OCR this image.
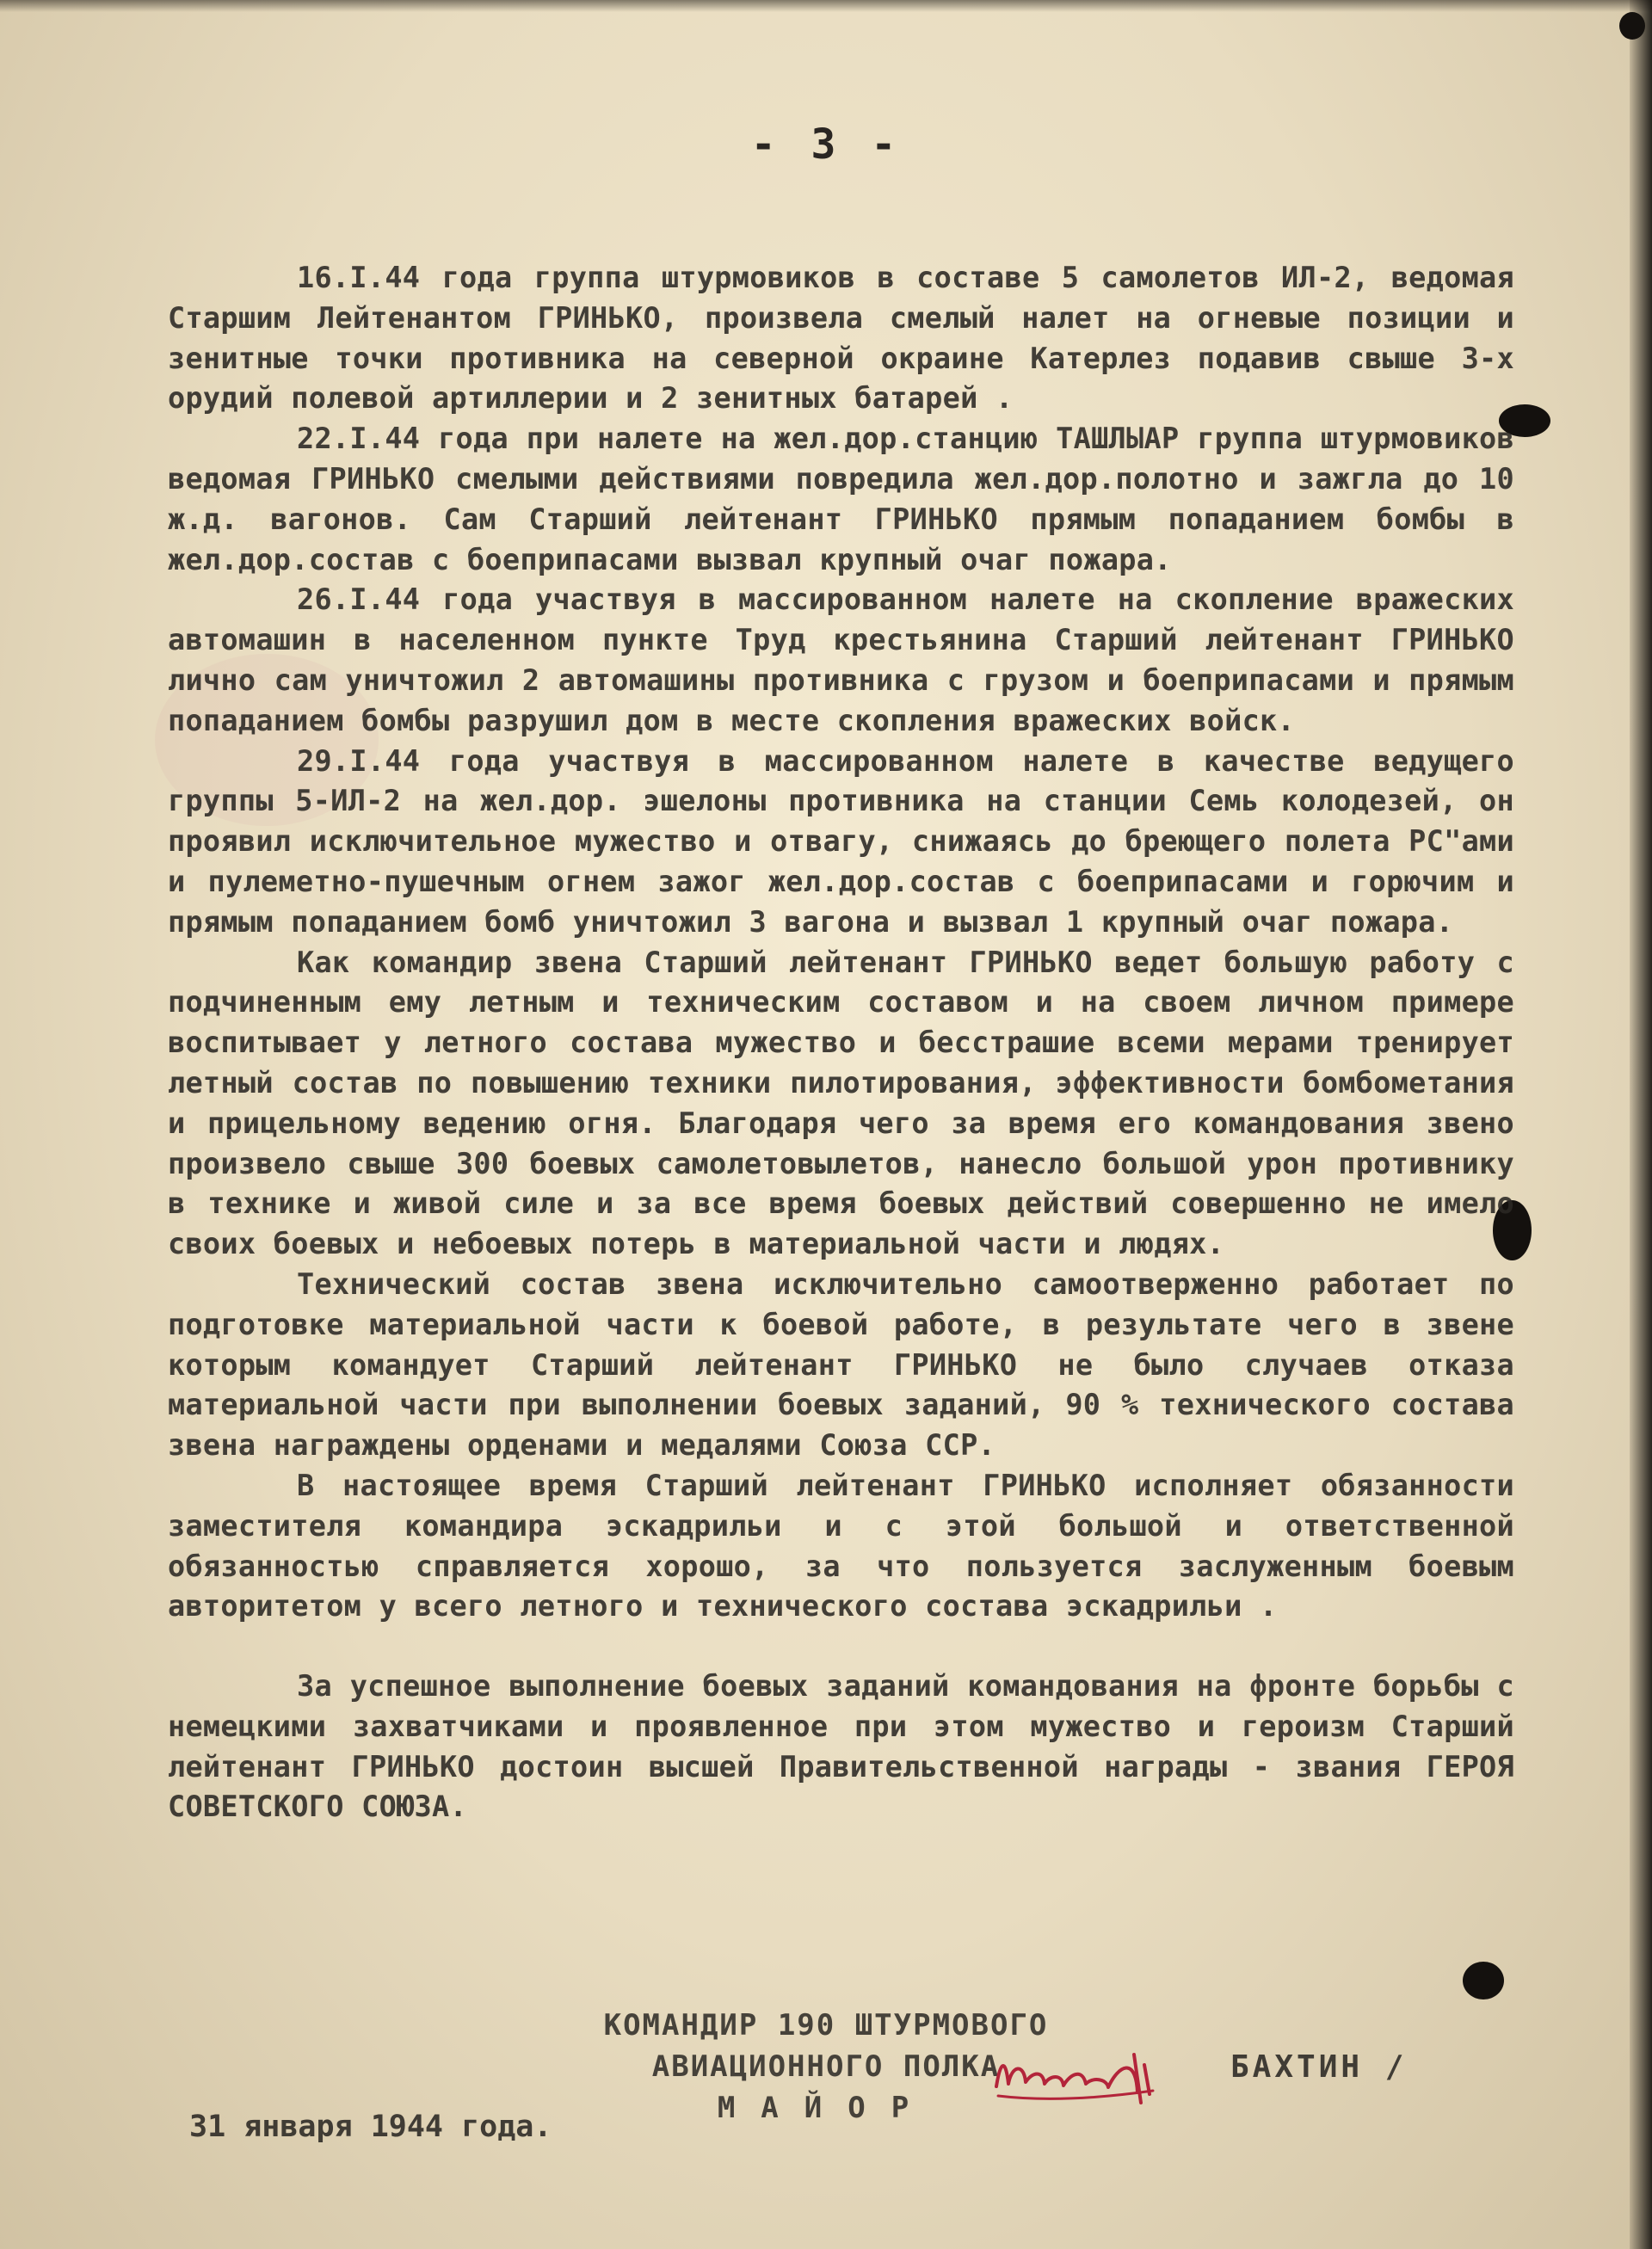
- 3 -

16.I.44 года группа штурмовиков в составе 5 самолетов ИЛ-2, ведомая Старшим Лейтенантом ГРИНЬКО, произвела смелый налет на огневые позиции и зенитные точки противника на северной окраине Катерлез подавив свыше 3-х орудий полевой артиллерии и 2 зенитных батарей .

22.I.44 года при налете на жел.дор.станцию ТАШЛЫАР группа штурмовиков ведомая ГРИНЬКО смелыми действиями повредила жел.дор.полотно и зажгла до 10 ж.д. вагонов. Сам Старший лейтенант ГРИНЬКО прямым попаданием бомбы в жел.дор.состав с боеприпасами вызвал крупный очаг пожара.

26.I.44 года участвуя в массированном налете на скопление вражеских автомашин в населенном пункте Труд крестьянина Старший лейтенант ГРИНЬКО лично сам уничтожил 2 автомашины противника с грузом и боеприпасами и прямым попаданием бомбы разрушил дом в месте скопления вражеских войск.

29.I.44 года участвуя в массированном налете в качестве ведущего группы 5-ИЛ-2 на жел.дор. эшелоны противника на станции Семь колодезей, он проявил исключительное мужество и отвагу, снижаясь до бреющего полета РС"ами и пулеметно-пушечным огнем зажог жел.дор.состав с боеприпасами и горючим и прямым попаданием бомб уничтожил 3 вагона и вызвал 1 крупный очаг пожара.

Как командир звена Старший лейтенант ГРИНЬКО ведет большую работу с подчиненным ему летным и техническим составом и на своем личном примере воспитывает у летного состава мужество и бесстрашие всеми мерами тренирует летный состав по повышению техники пилотирования, эффективности бомбометания и прицельному ведению огня. Благодаря чего за время его командования звено произвело свыше 300 боевых самолетовылетов, нанесло большой урон противнику в технике и живой силе и за все время боевых действий совершенно не имело своих боевых и небоевых потерь в материальной части и людях.

Технический состав звена исключительно самоотверженно работает по подготовке материальной части к боевой работе, в результате чего в звене которым командует Старший лейтенант ГРИНЬКО не было случаев отказа материальной части при выполнении боевых заданий, 90 % технического состава звена награждены орденами и медалями Союза ССР.

В настоящее время Старший лейтенант ГРИНЬКО исполняет обязанности заместителя командира эскадрильи и с этой большой и ответственной обязанностью справляется хорошо, за что пользуется заслуженным боевым авторитетом у всего летного и технического состава эскадрильи .

За успешное выполнение боевых заданий командования на фронте борьбы с немецкими захватчиками и проявленное при этом мужество и героизм Старший лейтенант ГРИНЬКО достоин высшей Правительственной награды - звания ГЕРОЯ СОВЕТСКОГО СОЮЗА.

КОМАНДИР 190 ШТУРМОВОГО
АВИАЦИОННОГО ПОЛКА
МАЙОР
БАХТИН /
31 января 1944 года.
